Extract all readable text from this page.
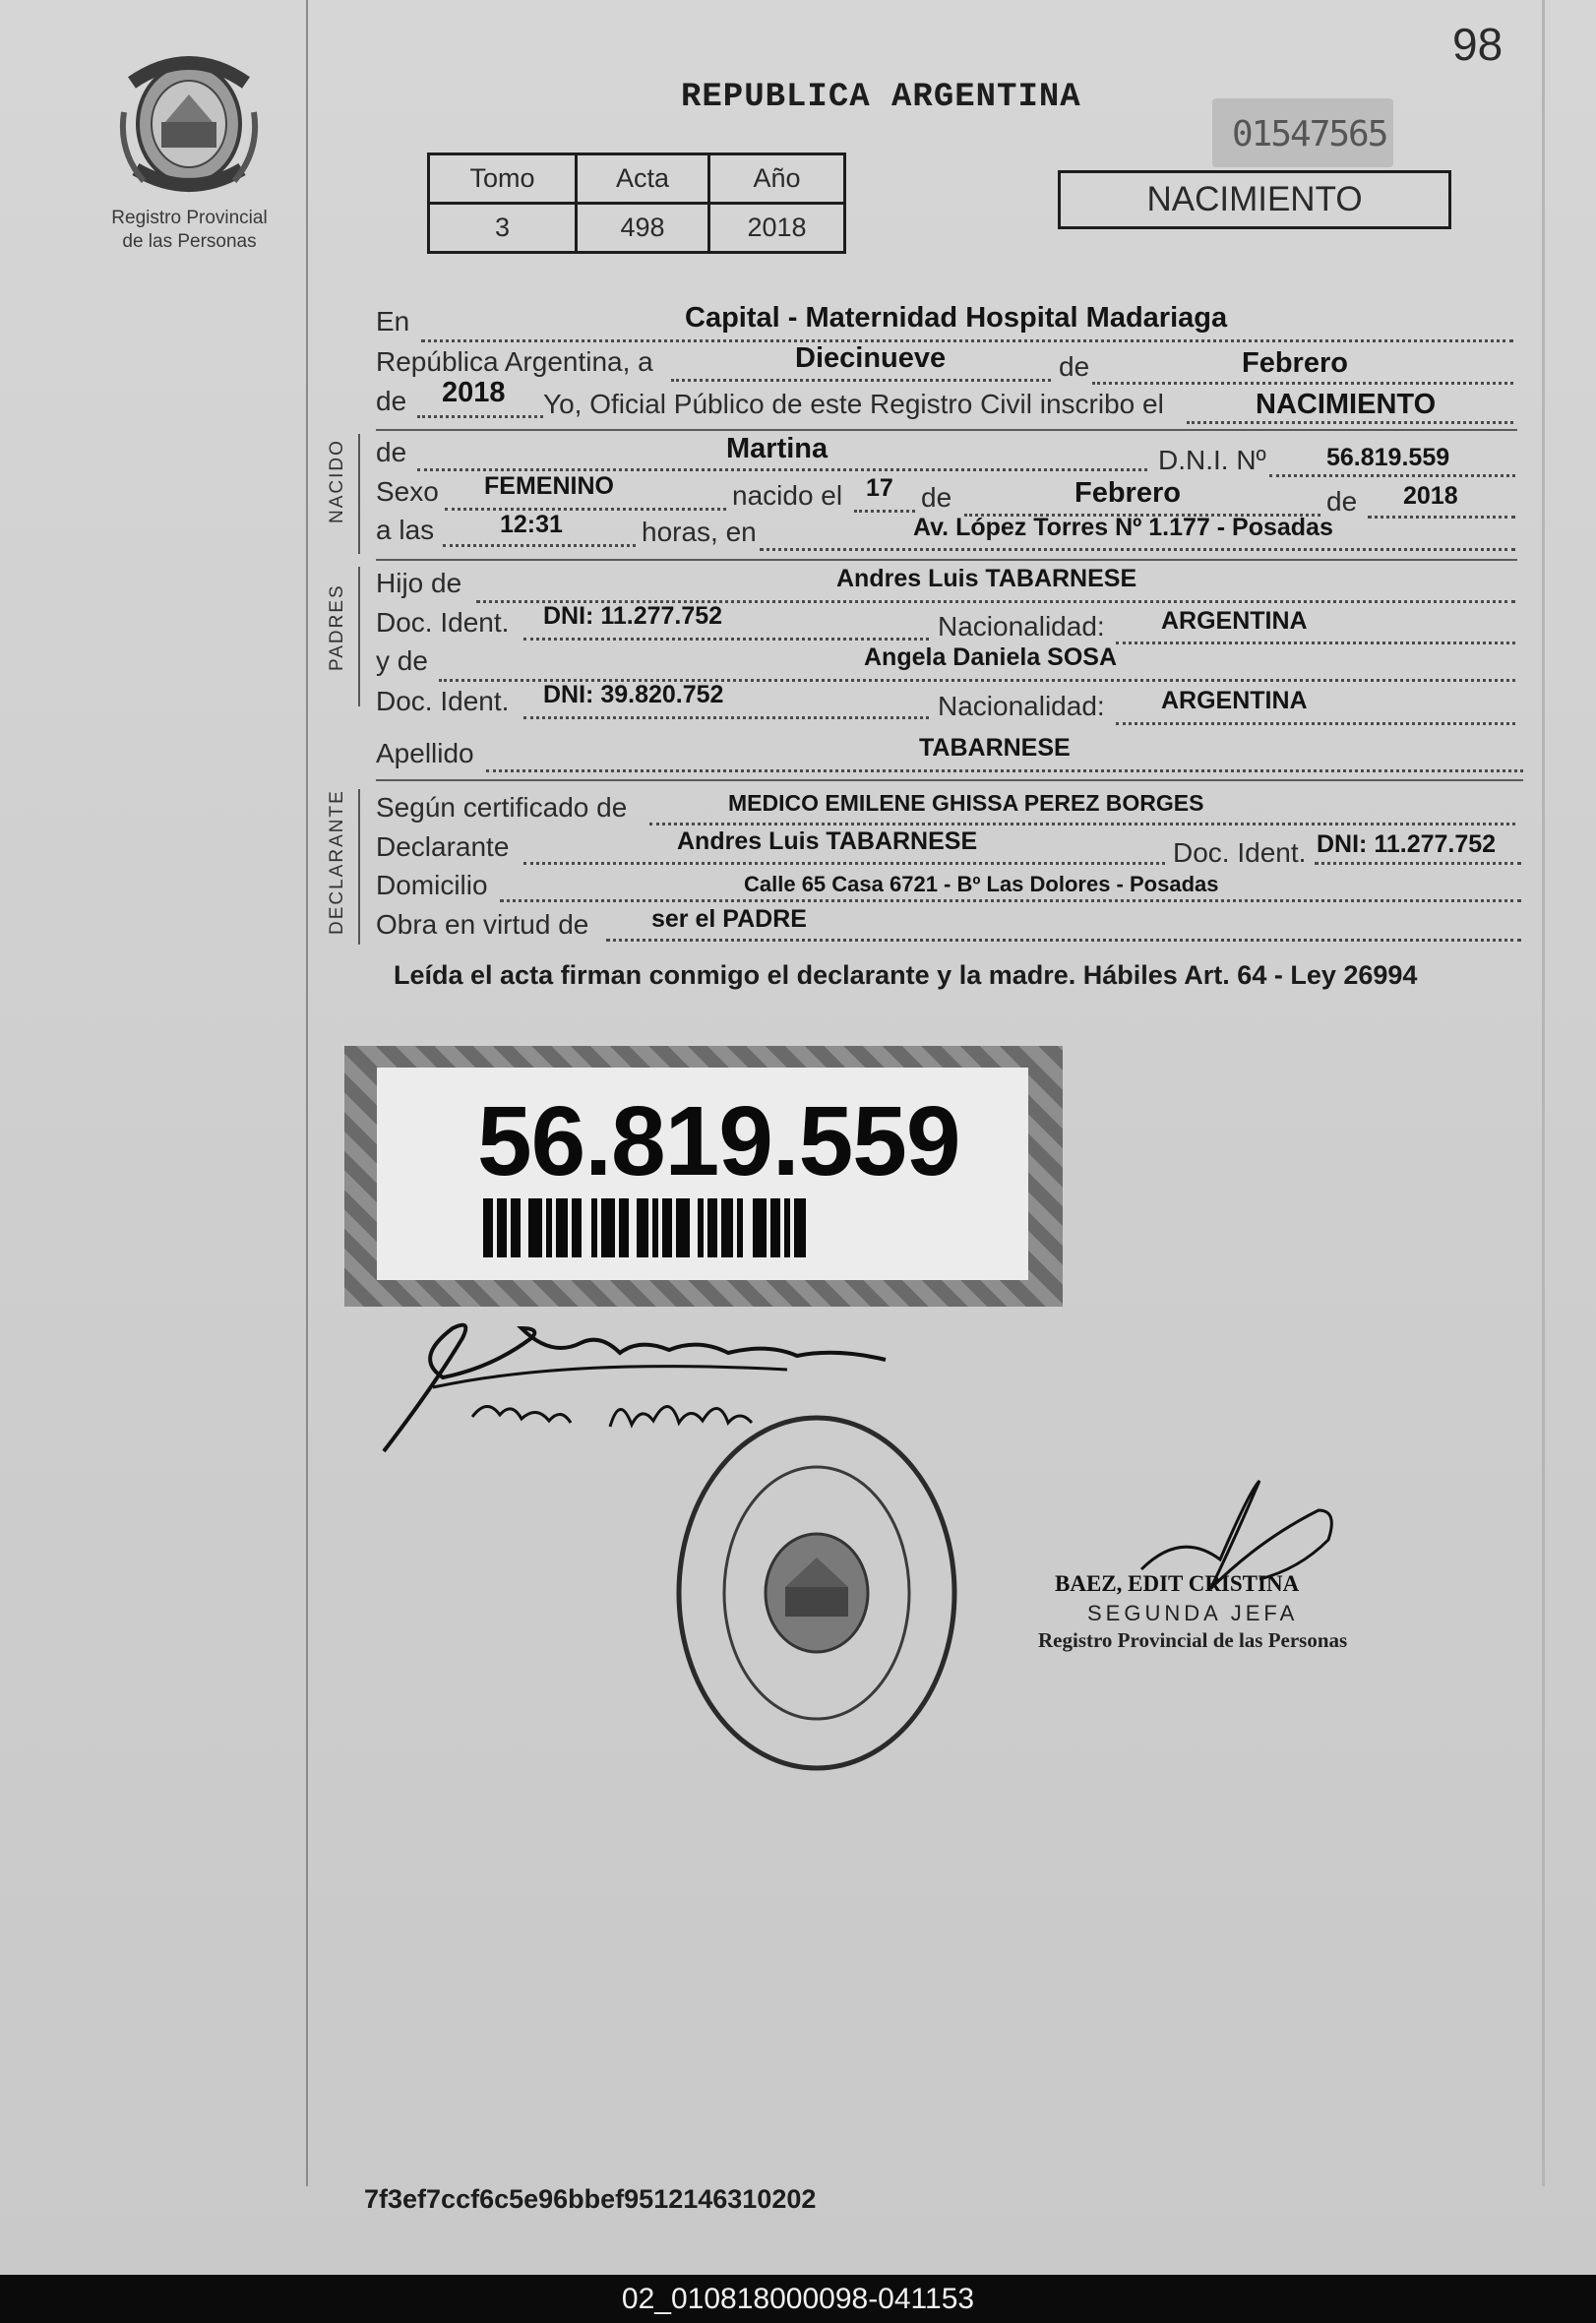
Registro Provincial
de las Personas
98
REPUBLICA ARGENTINA
01547565
Tomo	Acta	Año
3	498	2018
NACIMIENTO
En	Capital - Maternidad Hospital Madariaga
República Argentina, a	Diecinueve	de	Febrero
de 2018 Yo, Oficial Público de este Registro Civil inscribo el	NACIMIENTO
NACIDO de	Martina	D.N.I. Nº 56.819.559
Sexo FEMENINO	nacido el 17 de	Febrero	de 2018
a las	12:31	horas, en	Av. López Torres Nº 1.177 - Posadas
PADRES
Hijo de	Andres Luis TABARNESE
Doc. Ident. DNI: 11.277.752	Nacionalidad: ARGENTINA
y de	Angela Daniela SOSA
Doc. Ident. DNI: 39.820.752	Nacionalidad: ARGENTINA
Apellido	TABARNESE
DECLARANTE Según certificado de	MEDICO EMILENE GHISSA PEREZ BORGES
Declarante	Andres Luis TABARNESE	Doc. Ident. DNI: 11.277.752
Domicilio	Calle 65 Casa 6721 - Bº Las Dolores - Posadas
Obra en virtud de	ser el PADRE
Leída el acta firman conmigo el declarante y la madre. Hábiles Art. 64 - Ley 26994
56.819.559
BAEZ, EDIT CRISTINA
SEGUNDA JEFA
Registro Provincial de las Personas
7f3ef7ccf6c5e96bbef9512146310202
02_010818000098-041153
